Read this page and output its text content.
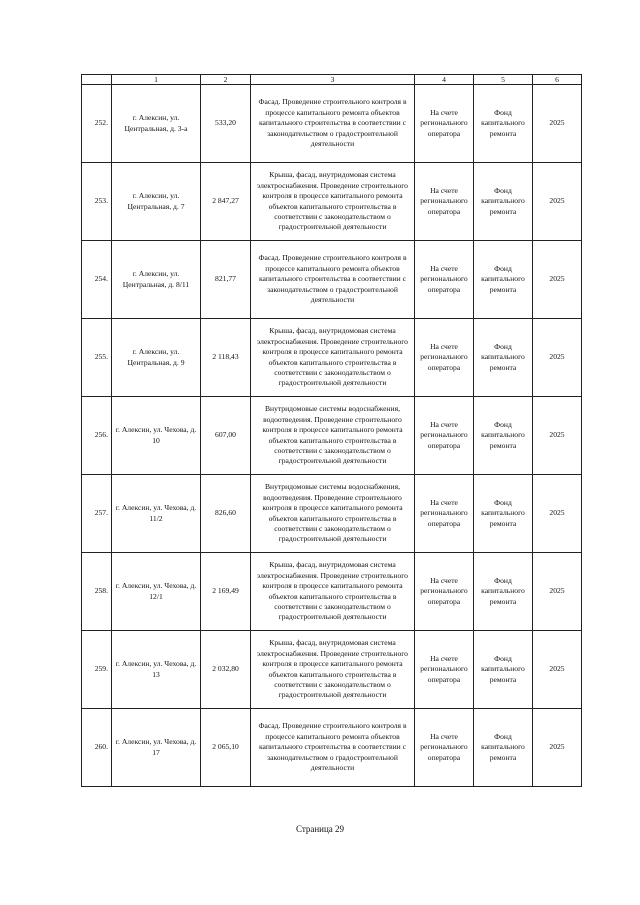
	1	2	3	4	5	6
252.	г. Алексин, ул. Центральная, д. 3-а	533,20	Фасад. Проведение строительного контроля в процессе капитального ремонта объектов капитального строительства в соответствии с законодательством о градостроительной деятельности	На счете регионального оператора	Фонд капитального ремонта	2025
253.	г. Алексин, ул. Центральная, д. 7	2 847,27	Крыша, фасад, внутридомовая система электроснабжения. Проведение строительного контроля в процессе капитального ремонта объектов капитального строительства в соответствии с законодательством о градостроительной деятельности	На счете регионального оператора	Фонд капитального ремонта	2025
254.	г. Алексин, ул. Центральная, д. 8/11	821,77	Фасад. Проведение строительного контроля в процессе капитального ремонта объектов капитального строительства в соответствии с законодательством о градостроительной деятельности	На счете регионального оператора	Фонд капитального ремонта	2025
255.	г. Алексин, ул. Центральная, д. 9	2 118,43	Крыша, фасад, внутридомовая система электроснабжения. Проведение строительного контроля в процессе капитального ремонта объектов капитального строительства в соответствии с законодательством о градостроительной деятельности	На счете регионального оператора	Фонд капитального ремонта	2025
256.	г. Алексин, ул. Чехова, д. 10	607,00	Внутридомовые системы водоснабжения, водоотведения. Проведение строительного контроля в процессе капитального ремонта объектов капитального строительства в соответствии с законодательством о градостроительной деятельности	На счете регионального оператора	Фонд капитального ремонта	2025
257.	г. Алексин, ул. Чехова, д. 11/2	826,60	Внутридомовые системы водоснабжения, водоотведения. Проведение строительного контроля в процессе капитального ремонта объектов капитального строительства в соответствии с законодательством о градостроительной деятельности	На счете регионального оператора	Фонд капитального ремонта	2025
258.	г. Алексин, ул. Чехова, д. 12/1	2 169,49	Крыша, фасад, внутридомовая система электроснабжения. Проведение строительного контроля в процессе капитального ремонта объектов капитального строительства в соответствии с законодательством о градостроительной деятельности	На счете регионального оператора	Фонд капитального ремонта	2025
259.	г. Алексин, ул. Чехова, д. 13	2 032,80	Крыша, фасад, внутридомовая система электроснабжения. Проведение строительного контроля в процессе капитального ремонта объектов капитального строительства в соответствии с законодательством о градостроительной деятельности	На счете регионального оператора	Фонд капитального ремонта	2025
260.	г. Алексин, ул. Чехова, д. 17	2 065,10	Фасад. Проведение строительного контроля в процессе капитального ремонта объектов капитального строительства в соответствии с законодательством о градостроительной деятельности	На счете регионального оператора	Фонд капитального ремонта	2025
Страница 29
